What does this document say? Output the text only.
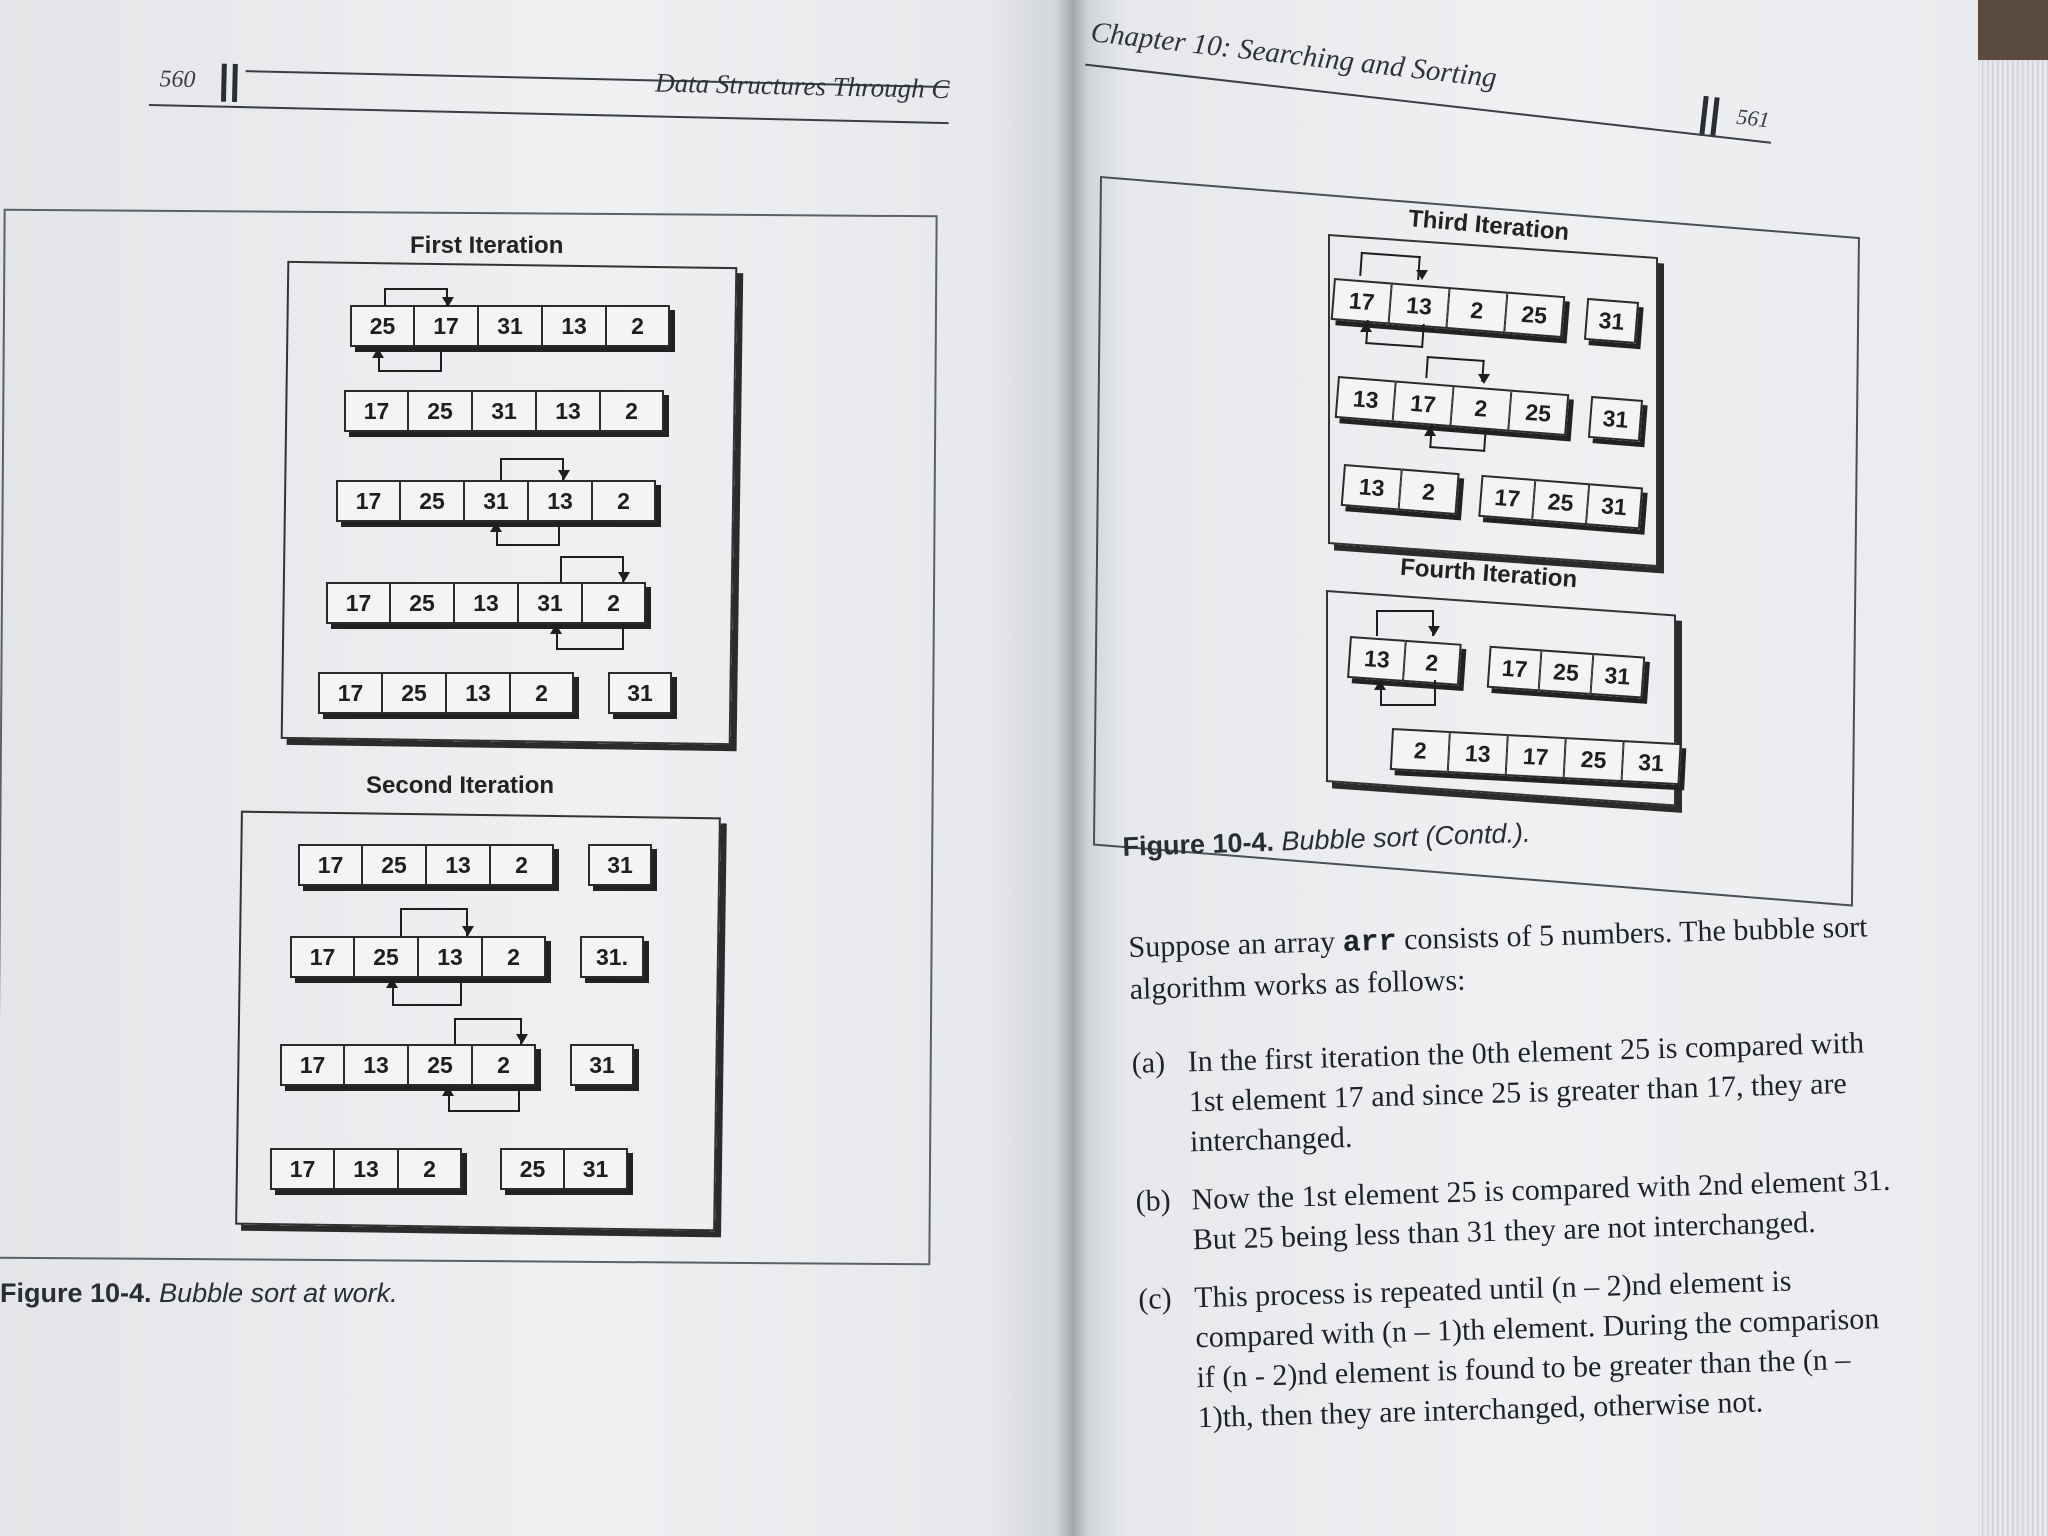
560	Data Structures Through C	Chapter 10: Searching and Sorting
561
First Iteration
25	17	31	13	2
17	25	31	13	2
17	25	31	13	2
17	25	13	31	2
17	25	13	2	31
Second Iteration
17	25	13	2	31
17	25	13	2	31.
17	13	25	2	31
17	13	2	25	31
Figure 10-4. Bubble sort at work.
Third Iteration
17	13	2	25	31
13	17	2	25	31
13	2	17	25	31
Fourth Iteration
13	2	17	25	31
2	13	17	25	31
Figure 10-4. Bubble sort (Contd.).

Suppose an array arr consists of 5 numbers. The bubble sort algorithm works as follows:

(a) In the first iteration the 0th element 25 is compared with 1st element 17 and since 25 is greater than 17, they are interchanged.
(b) Now the 1st element 25 is compared with 2nd element 31. But 25 being less than 31 they are not interchanged.
(c) This process is repeated until (n – 2)nd element is compared with (n – 1)th element. During the comparison if (n - 2)nd element is found to be greater than the (n – 1)th, then they are interchanged, otherwise not.
